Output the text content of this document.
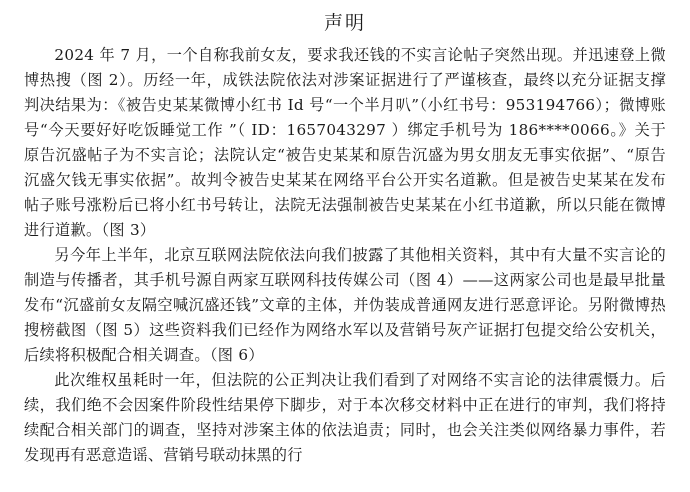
声明

2024 年 7 月，一个自称我前女友，要求我还钱的不实言论帖子突然出现。并迅速登上微博热搜（图 2）。历经一年，成铁法院依法对涉案证据进行了严谨核查，最终以充分证据支撑判决结果为：《被告史某某微博小红书 Id 号“一个半月叭”（小红书号：953194766）；微博账号“今天要好好吃饭睡觉工作 ”（ ID：1657043297 ）绑定手机号为 186****0066。》关于原告沉盛帖子为不实言论；法院认定“被告史某某和原告沉盛为男女朋友无事实依据”、“原告沉盛欠钱无事实依据”。故判令被告史某某在网络平台公开实名道歉。但是被告史某某在发布帖子账号涨粉后已将小红书号转让，法院无法强制被告史某某在小红书道歉，所以只能在微博进行道歉。（图 3）

另今年上半年，北京互联网法院依法向我们披露了其他相关资料，其中有大量不实言论的制造与传播者，其手机号源自两家互联网科技传媒公司（图 4）——这两家公司也是最早批量发布“沉盛前女友隔空喊沉盛还钱”文章的主体，并伪装成普通网友进行恶意评论。另附微博热搜榜截图（图 5）这些资料我们已经作为网络水军以及营销号灰产证据打包提交给公安机关，后续将积极配合相关调查。（图 6）

此次维权虽耗时一年，但法院的公正判决让我们看到了对网络不实言论的法律震慑力。后续，我们绝不会因案件阶段性结果停下脚步，对于本次移交材料中正在进行的审判，我们将持续配合相关部门的调查，坚持对涉案主体的依法追责；同时，也会关注类似网络暴力事件，若发现再有恶意造谣、营销号联动抹黑的行
